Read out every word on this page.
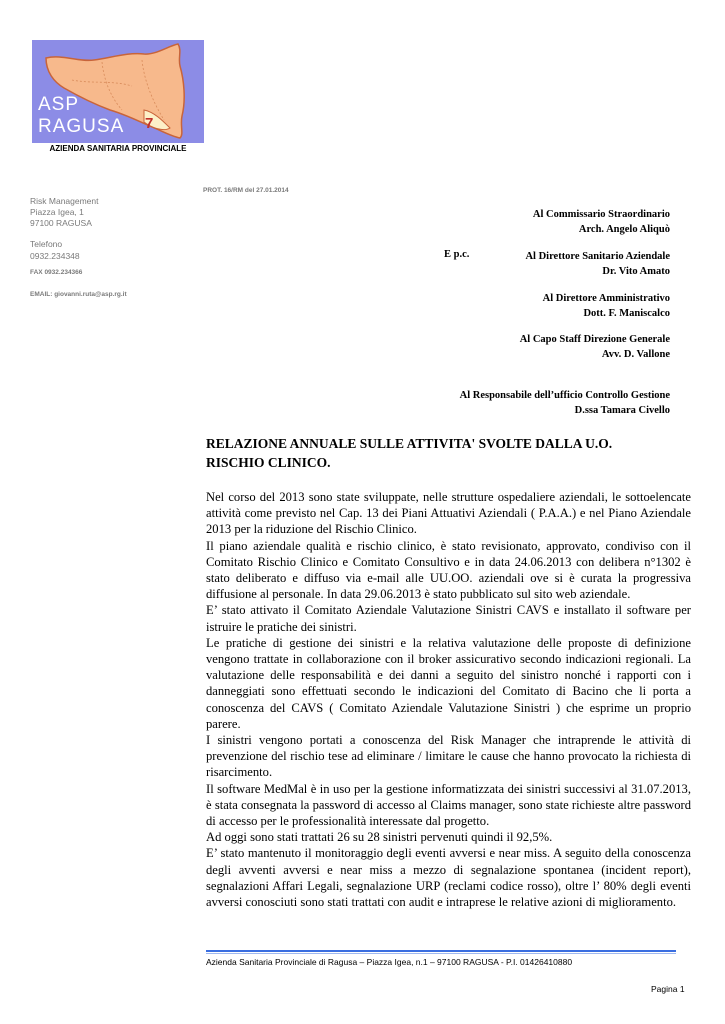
7
ASP
RAGUSA
AZIENDA SANITARIA PROVINCIALE
PROT. 16/RM del 27.01.2014
Risk Management
Piazza Igea, 1
97100 RAGUSA
Telefono
0932.234348
FAX 0932.234366
EMAIL: giovanni.ruta@asp.rg.it
Al Commissario Straordinario
Arch. Angelo Aliquò
E p.c.	Al Direttore Sanitario Aziendale
Dr. Vito Amato
Al Direttore Amministrativo
Dott. F. Maniscalco
Al Capo Staff Direzione Generale
Avv. D. Vallone
Al Responsabile dell’ufficio Controllo Gestione
D.ssa Tamara Civello
RELAZIONE ANNUALE SULLE ATTIVITA' SVOLTE DALLA U.O. RISCHIO CLINICO.

Nel corso del 2013 sono state sviluppate, nelle strutture ospedaliere aziendali, le sottoelencate attività come previsto nel Cap. 13 dei Piani Attuativi Aziendali ( P.A.A.) e nel Piano Aziendale 2013 per la riduzione del Rischio Clinico.

Il piano aziendale qualità e rischio clinico, è stato revisionato, approvato, condiviso con il Comitato Rischio Clinico e Comitato Consultivo e in data 24.06.2013 con delibera n°1302 è stato deliberato e diffuso via e-mail alle UU.OO. aziendali ove si è curata la progressiva diffusione al personale. In data 29.06.2013 è stato pubblicato sul sito web aziendale.

E’ stato attivato il Comitato Aziendale Valutazione Sinistri CAVS e installato il software per istruire le pratiche dei sinistri.

Le pratiche di gestione dei sinistri e la relativa valutazione delle proposte di definizione vengono trattate in collaborazione con il broker assicurativo secondo indicazioni regionali. La valutazione delle responsabilità e dei danni a seguito del sinistro nonché i rapporti con i danneggiati sono effettuati secondo le indicazioni del Comitato di Bacino che li porta a conoscenza del CAVS ( Comitato Aziendale Valutazione Sinistri ) che esprime un proprio parere.

I sinistri vengono portati a conoscenza del Risk Manager che intraprende le attività di prevenzione del rischio tese ad eliminare / limitare le cause che hanno provocato la richiesta di risarcimento.

Il software MedMal è in uso per la gestione informatizzata dei sinistri successivi al 31.07.2013, è stata consegnata la password di accesso al Claims manager, sono state richieste altre password di accesso per le professionalità interessate dal progetto.

Ad oggi sono stati trattati 26 su 28 sinistri pervenuti quindi il 92,5%.

E’ stato mantenuto il monitoraggio degli eventi avversi e near miss. A seguito della conoscenza degli avventi avversi e near miss a mezzo di segnalazione spontanea (incident report), segnalazioni Affari Legali, segnalazione URP (reclami codice rosso), oltre l’ 80% degli eventi avversi conosciuti sono stati trattati con audit e intraprese le relative azioni di miglioramento.

Azienda Sanitaria Provinciale di Ragusa – Piazza Igea, n.1 – 97100 RAGUSA - P.I. 01426410880
Pagina 1
